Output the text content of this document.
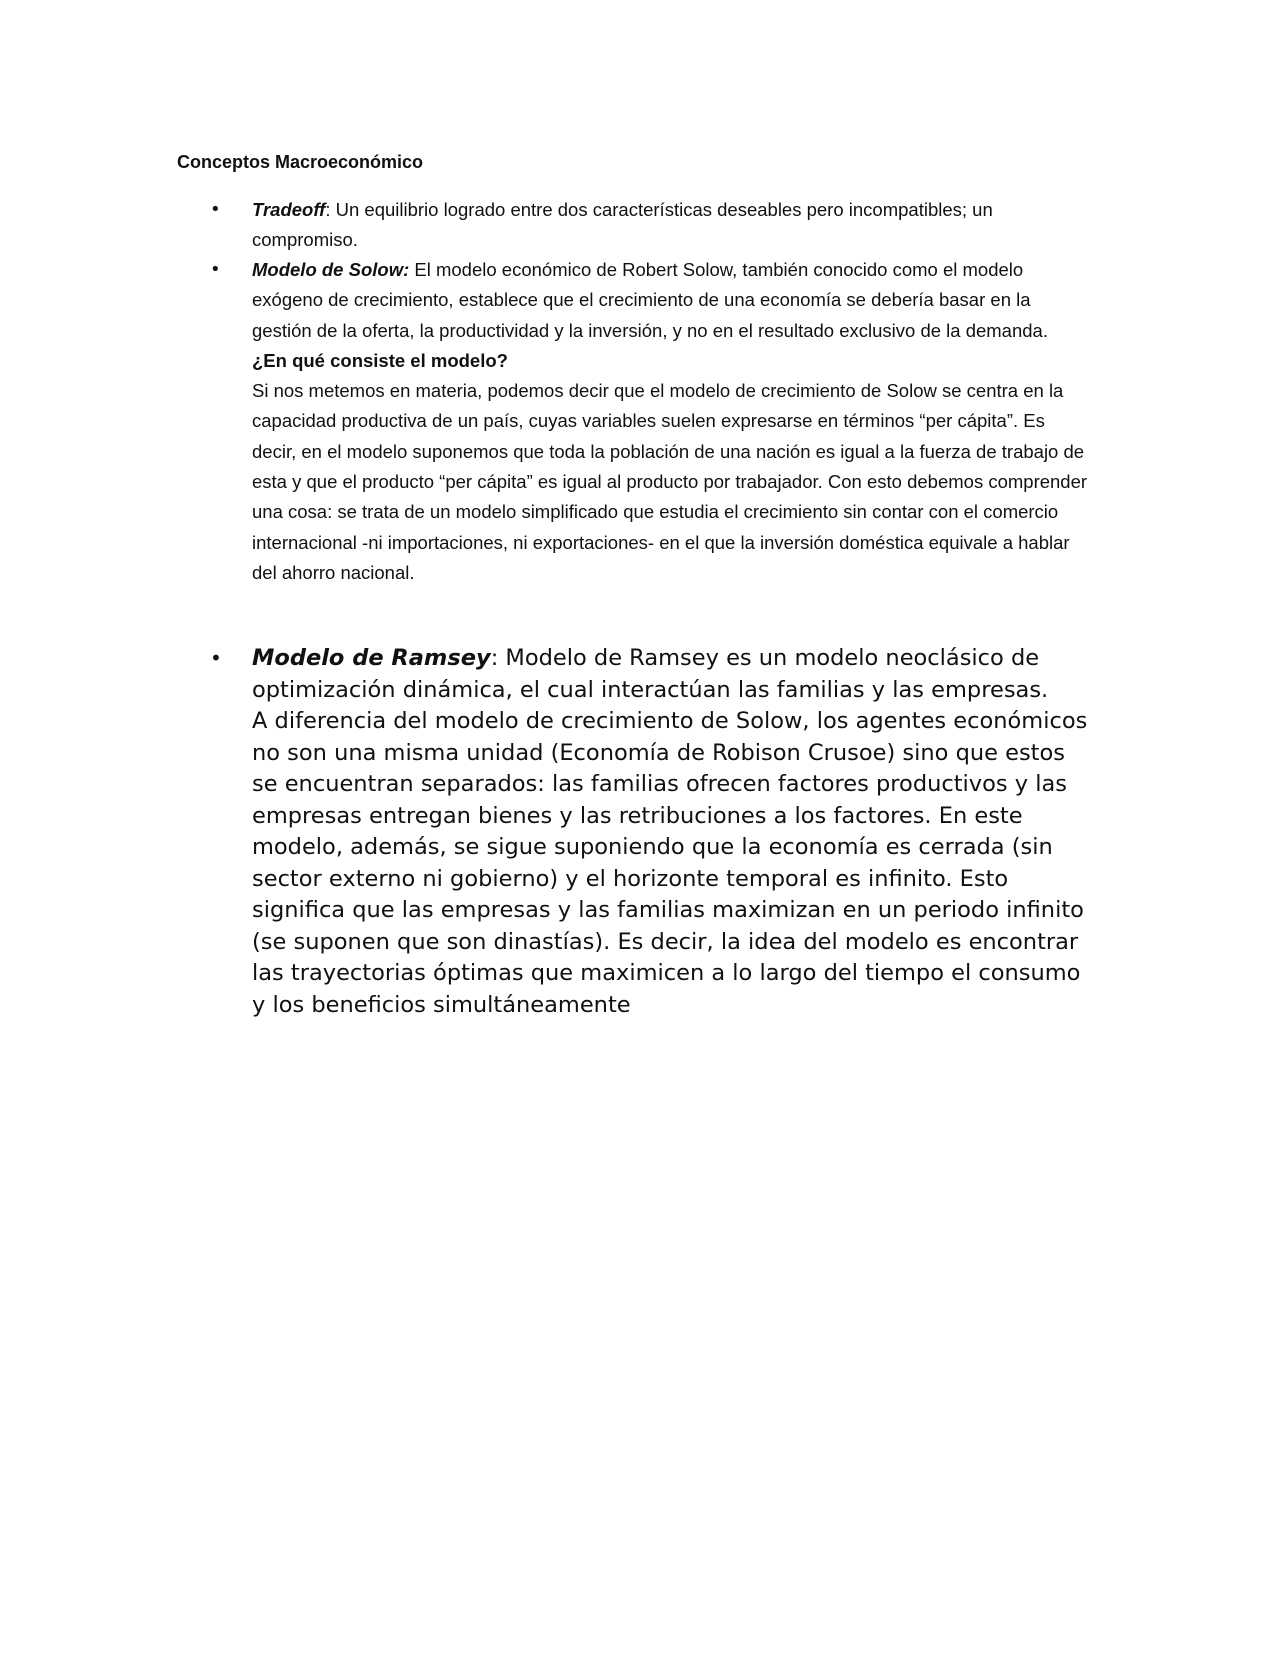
Conceptos Macroeconómico

• Tradeoff: Un equilibrio logrado entre dos características deseables pero incompatibles; un compromiso.
• Modelo de Solow: El modelo económico de Robert Solow, también conocido como el modelo exógeno de crecimiento, establece que el crecimiento de una economía se debería basar en la gestión de la oferta, la productividad y la inversión, y no en el resultado exclusivo de la demanda.
¿En qué consiste el modelo?
Si nos metemos en materia, podemos decir que el modelo de crecimiento de Solow se centra en la capacidad productiva de un país, cuyas variables suelen expresarse en términos “per cápita”. Es decir, en el modelo suponemos que toda la población de una nación es igual a la fuerza de trabajo de esta y que el producto “per cápita” es igual al producto por trabajador. Con esto debemos comprender una cosa: se trata de un modelo simplificado que estudia el crecimiento sin contar con el comercio internacional -ni importaciones, ni exportaciones- en el que la inversión doméstica equivale a hablar del ahorro nacional.
• Modelo de Ramsey: Modelo de Ramsey es un modelo neoclásico de optimización dinámica, el cual interactúan las familias y las empresas.
A diferencia del modelo de crecimiento de Solow, los agentes económicos no son una misma unidad (Economía de Robison Crusoe) sino que estos se encuentran separados: las familias ofrecen factores productivos y las empresas entregan bienes y las retribuciones a los factores. En este modelo, además, se sigue suponiendo que la economía es cerrada (sin sector externo ni gobierno) y el horizonte temporal es infinito. Esto significa que las empresas y las familias maximizan en un periodo infinito (se suponen que son dinastías). Es decir, la idea del modelo es encontrar las trayectorias óptimas que maximicen a lo largo del tiempo el consumo y los beneficios simultáneamente
